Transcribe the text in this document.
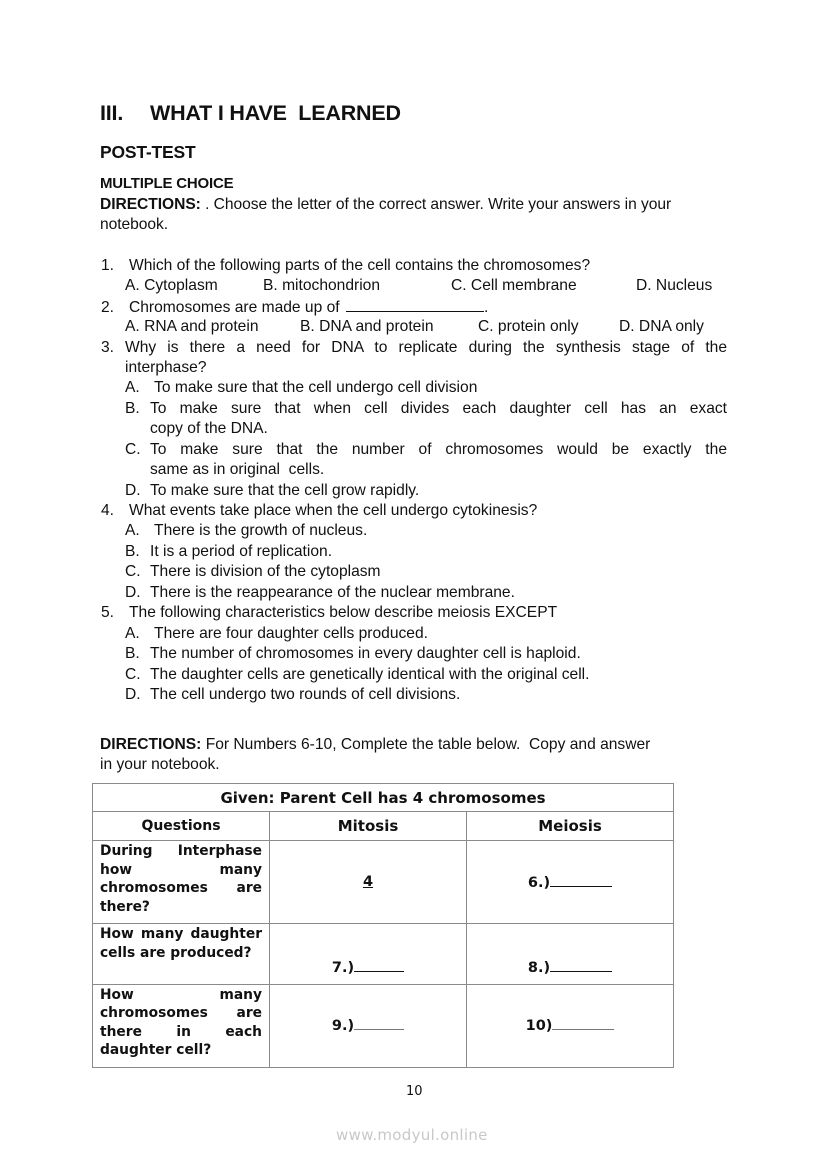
III. WHAT I HAVE  LEARNED
POST-TEST
MULTIPLE CHOICE
DIRECTIONS: . Choose the letter of the correct answer. Write your answers in your notebook.
1. Which of the following parts of the cell contains the chromosomes?
A. Cytoplasm	B. mitochondrion	C. Cell membrane	D. Nucleus
2. Chromosomes are made up of	.
A. RNA and protein	B. DNA and protein	C. protein only	D. DNA only
3. Why is there a need for DNA to replicate during the synthesis stage of the
interphase?
A. To make sure that the cell undergo cell division
B. To make sure that when cell divides each daughter cell has an exact
copy of the DNA.
C. To make sure that the number of chromosomes would be exactly the
same as in original  cells.
D. To make sure that the cell grow rapidly.
4. What events take place when the cell undergo cytokinesis?
A. There is the growth of nucleus.
B. It is a period of replication.
C. There is division of the cytoplasm
D. There is the reappearance of the nuclear membrane.
5. The following characteristics below describe meiosis EXCEPT
A. There are four daughter cells produced.
B. The number of chromosomes in every daughter cell is haploid.
C. The daughter cells are genetically identical with the original cell.
D. The cell undergo two rounds of cell divisions.
DIRECTIONS: For Numbers 6-10, Complete the table below.  Copy and answer
in your notebook.
Given: Parent Cell has 4 chromosomes		
Questions	Mitosis	Meiosis
During Interphase how many chromosomes are there?	4	6.)
How many daughter cells are produced?	7.)	8.)
How many chromosomes are there in each daughter cell?	9.)	10)
10
www.modyul.online
